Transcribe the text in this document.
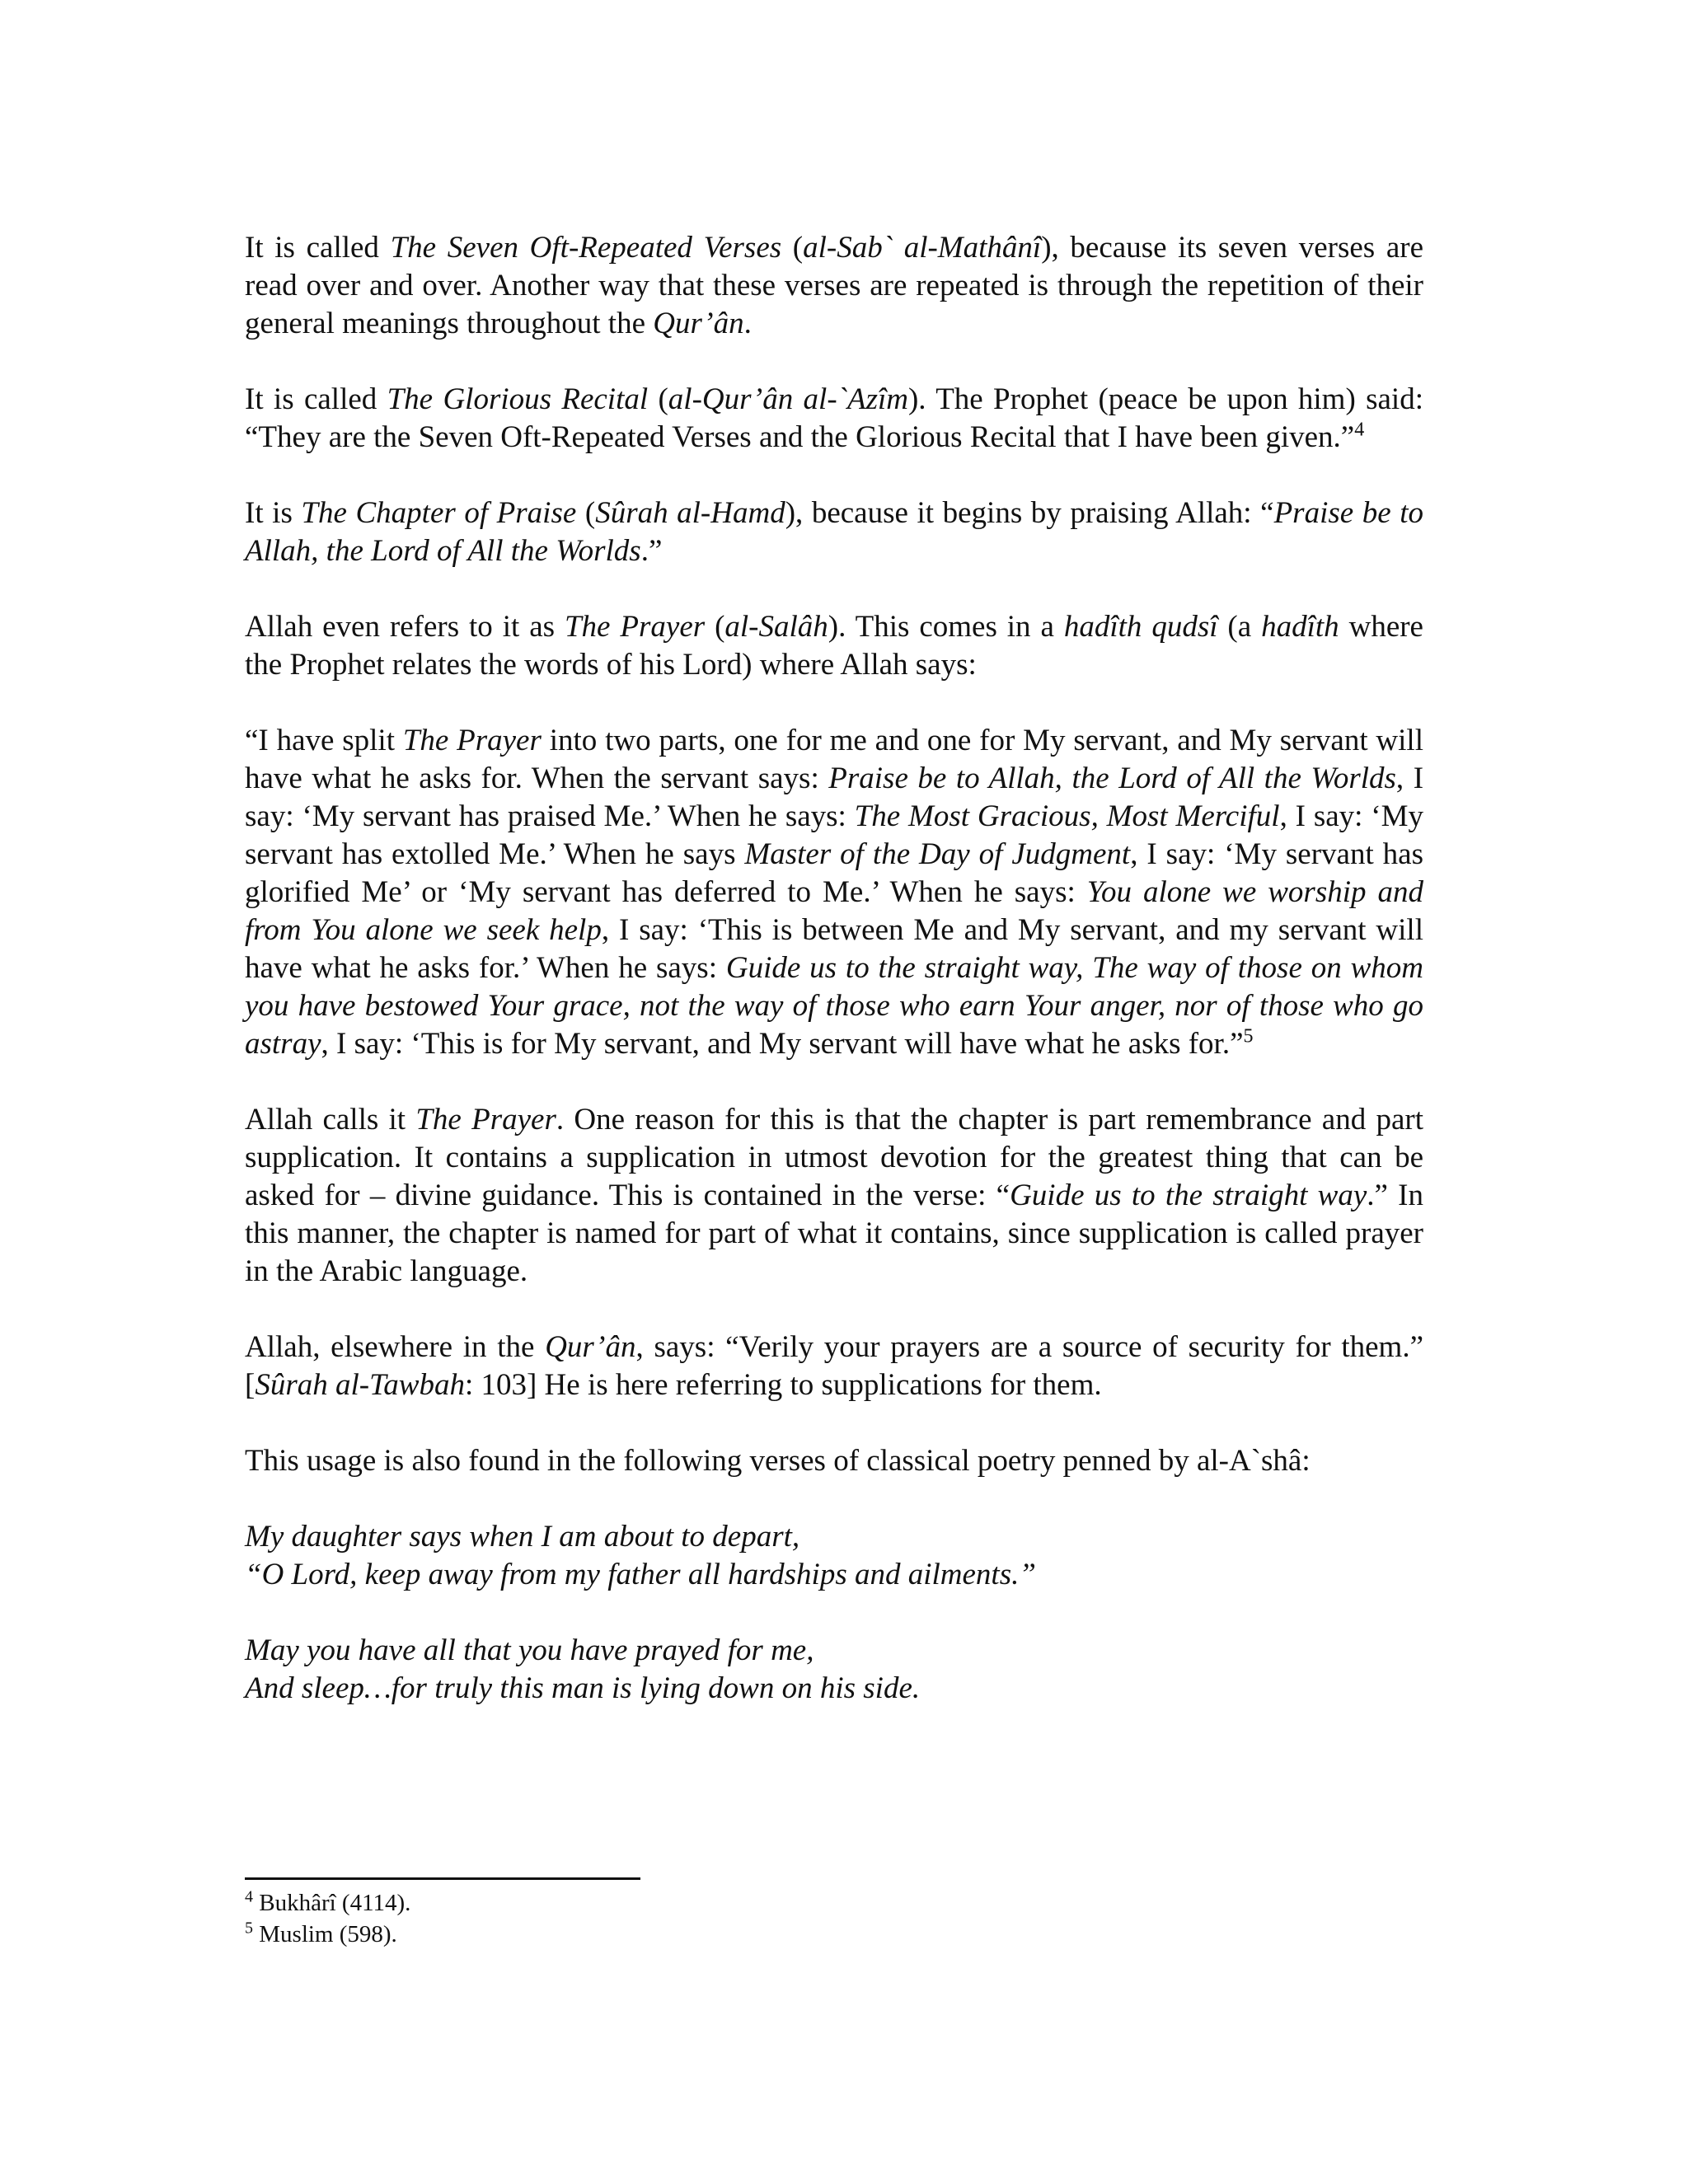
It is called The Seven Oft-Repeated Verses (al-Sab` al-Mathânî), because its seven verses are read over and over. Another way that these verses are repeated is through the repetition of their general meanings throughout the Qur’ân.

It is called The Glorious Recital (al-Qur’ân al-`Azîm). The Prophet (peace be upon him) said: “They are the Seven Oft-Repeated Verses and the Glorious Recital that I have been given.”$^4$

It is The Chapter of Praise (Sûrah al-Hamd), because it begins by praising Allah: “Praise be to Allah, the Lord of All the Worlds.”

Allah even refers to it as The Prayer (al-Salâh). This comes in a hadîth qudsî (a hadîth where the Prophet relates the words of his Lord) where Allah says:

“I have split The Prayer into two parts, one for me and one for My servant, and My servant will have what he asks for. When the servant says: Praise be to Allah, the Lord of All the Worlds, I say: ‘My servant has praised Me.’ When he says: The Most Gracious, Most Merciful, I say: ‘My servant has extolled Me.’ When he says Master of the Day of Judgment, I say: ‘My servant has glorified Me’ or ‘My servant has deferred to Me.’ When he says: You alone we worship and from You alone we seek help, I say: ‘This is between Me and My servant, and my servant will have what he asks for.’ When he says: Guide us to the straight way, The way of those on whom you have bestowed Your grace, not the way of those who earn Your anger, nor of those who go astray, I say: ‘This is for My servant, and My servant will have what he asks for.”$^5$

Allah calls it The Prayer. One reason for this is that the chapter is part remembrance and part supplication. It contains a supplication in utmost devotion for the greatest thing that can be asked for – divine guidance. This is contained in the verse: “Guide us to the straight way.” In this manner, the chapter is named for part of what it contains, since supplication is called prayer in the Arabic language.

Allah, elsewhere in the Qur’ân, says: “Verily your prayers are a source of security for them.” [Sûrah al-Tawbah: 103] He is here referring to supplications for them.

This usage is also found in the following verses of classical poetry penned by al-A`shâ:

My daughter says when I am about to depart,
“O Lord, keep away from my father all hardships and ailments.”
May you have all that you have prayed for me,
And sleep…for truly this man is lying down on his side.
$^4$ Bukhârî (4114).
$^5$ Muslim (598).
